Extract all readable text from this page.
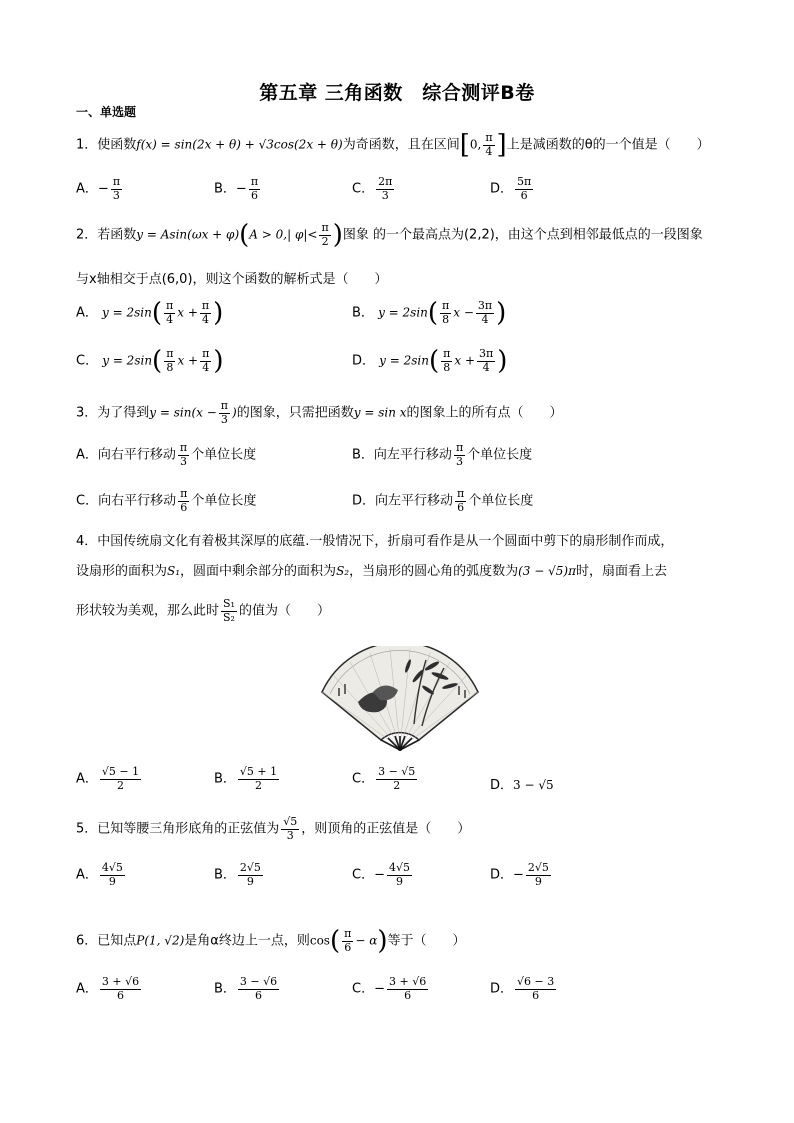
第五章 三角函数　综合测评B卷
一、单选题
1．使函数f(x) = sin(2x + θ) + √3cos(2x + θ)为奇函数，且在区间[0, $\frac{\pi}{4}$ ]上是减函数的θ的一个值是（　　）
A．− $\frac{\pi}{3}$	B．− $\frac{\pi}{6}$	C． $\frac{2\pi}{3}$	D． $\frac{5\pi}{6}$
2．若函数y = Asin(ωx + φ)(A > 0,| $\varphi|< \frac{\pi}{2}$ )图象 的一个最高点为(2,2)，由这个点到相邻最低点的一段图象
与x轴相交于点(6,0)，则这个函数的解析式是（　　）
A． $y = 2\sin( \frac{\pi}{4}$ $x + \frac{\pi}{4}$ )	B． $y = 2\sin( \frac{\pi}{8}$ $x - \frac{3\pi}{4}$ )
C． $y = 2\sin( \frac{\pi}{8}$ $x + \frac{\pi}{4}$ )	D． $y = 2\sin( \frac{\pi}{8}$ $x + \frac{3\pi}{4}$ )
3．为了得到$y = \sin(x - \frac{\pi}{3}$ )的图象，只需把函数y = sin x的图象上的所有点（　　）
A．向右平行移动 $\frac{\pi}{3}$ 个单位长度	B．向左平行移动 $\frac{\pi}{3}$ 个单位长度
C．向右平行移动 $\frac{\pi}{6}$ 个单位长度	D．向左平行移动 $\frac{\pi}{6}$ 个单位长度
4．中国传统扇文化有着极其深厚的底蕴.一般情况下，折扇可看作是从一个圆面中剪下的扇形制作而成，
设扇形的面积为S₁，圆面中剩余部分的面积为S₂，当扇形的圆心角的弧度数为(3 − √5)π时，扇面看上去
形状较为美观，那么此时 $\frac{\text{S₁}}{\text{S₂}}$ 的值为（　　）
A． $\frac{√5 - 1}{2}$	B． $\frac{√5 + 1}{2}$	C． $\frac{3 - √5}{2}$	D．3 − √5
5．已知等腰三角形底角的正弦值为 $\frac{√5}{3}$ ，则顶角的正弦值是（　　）
A． $\frac{4√5}{9}$	B． $\frac{2√5}{9}$	C．− $\frac{4√5}{9}$	D．− $\frac{2√5}{9}$
6．已知点P(1, √2)是角α终边上一点，则$\cos( \frac{\pi}{6} - \alpha)$等于（　　）
A． $\frac{3 + √6}{6}$	B． $\frac{3 - √6}{6}$	C．− $\frac{3 + √6}{6}$	D． $\frac{√6 - 3}{6}$
